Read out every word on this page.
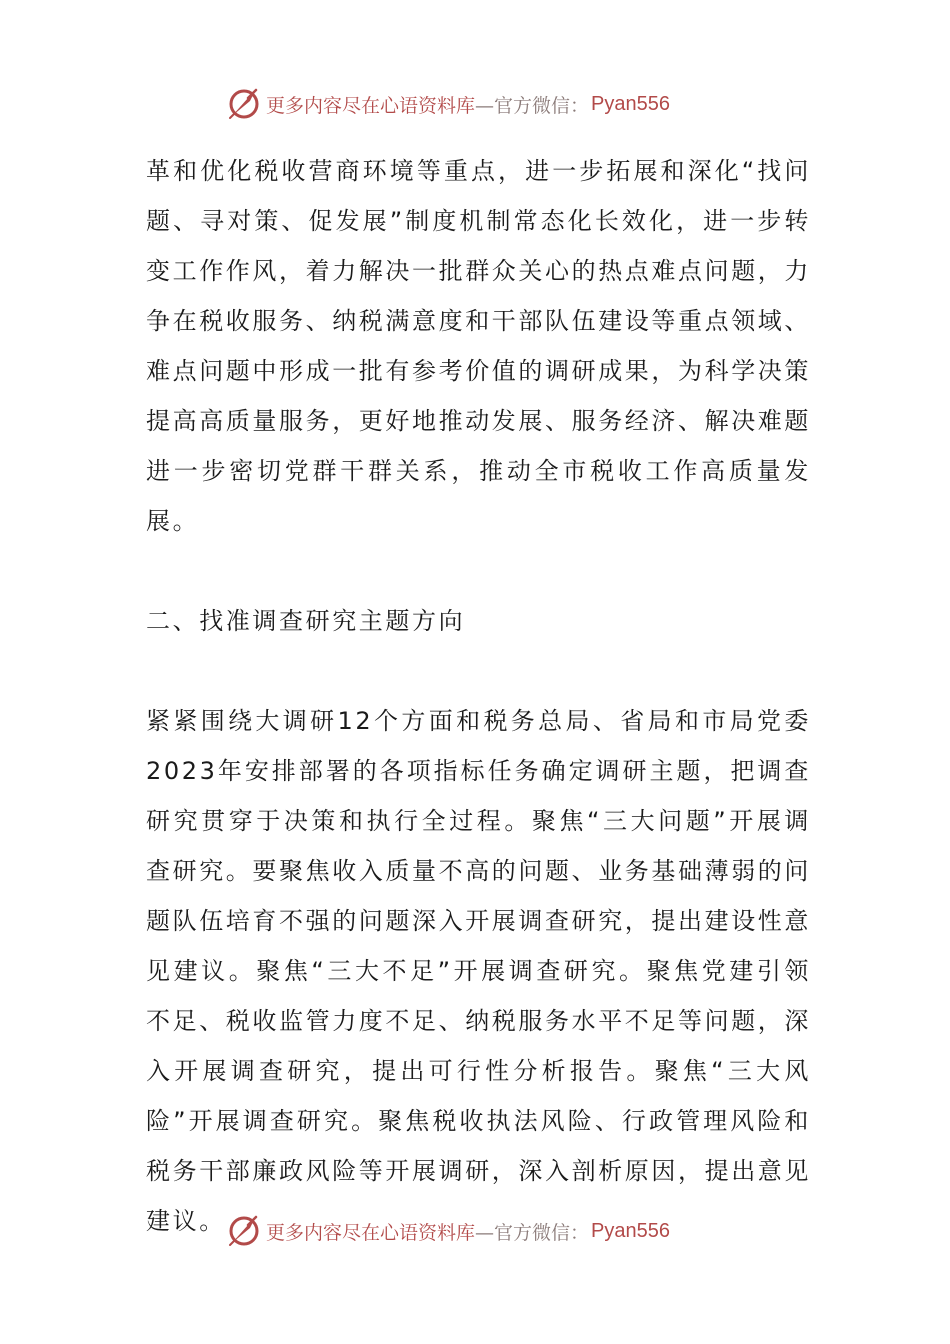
更多内容尽在心语资料库 —官方微信： Pyan556

革和优化税收营商环境等重点，进一步拓展和深化“找问题、寻对策、促发展”制度机制常态化长效化，进一步转变工作作风，着力解决一批群众关心的热点难点问题，力争在税收服务、纳税满意度和干部队伍建设等重点领域、难点问题中形成一批有参考价值的调研成果，为科学决策提高高质量服务，更好地推动发展、服务经济、解决难题进一步密切党群干群关系，推动全市税收工作高质量发展。

二、找准调查研究主题方向

紧紧围绕大调研12个方面和税务总局、省局和市局党委2023年安排部署的各项指标任务确定调研主题，把调查研究贯穿于决策和执行全过程。聚焦“三大问题”开展调查研究。要聚焦收入质量不高的问题、业务基础薄弱的问题队伍培育不强的问题深入开展调查研究，提出建设性意见建议。聚焦“三大不足”开展调查研究。聚焦党建引领不足、税收监管力度不足、纳税服务水平不足等问题，深入开展调查研究，提出可行性分析报告。聚焦“三大风险”开展调查研究。聚焦税收执法风险、行政管理风险和税务干部廉政风险等开展调研，深入剖析原因，提出意见建议。	更多内容尽在心语资料库 —官方微信： Pyan556
